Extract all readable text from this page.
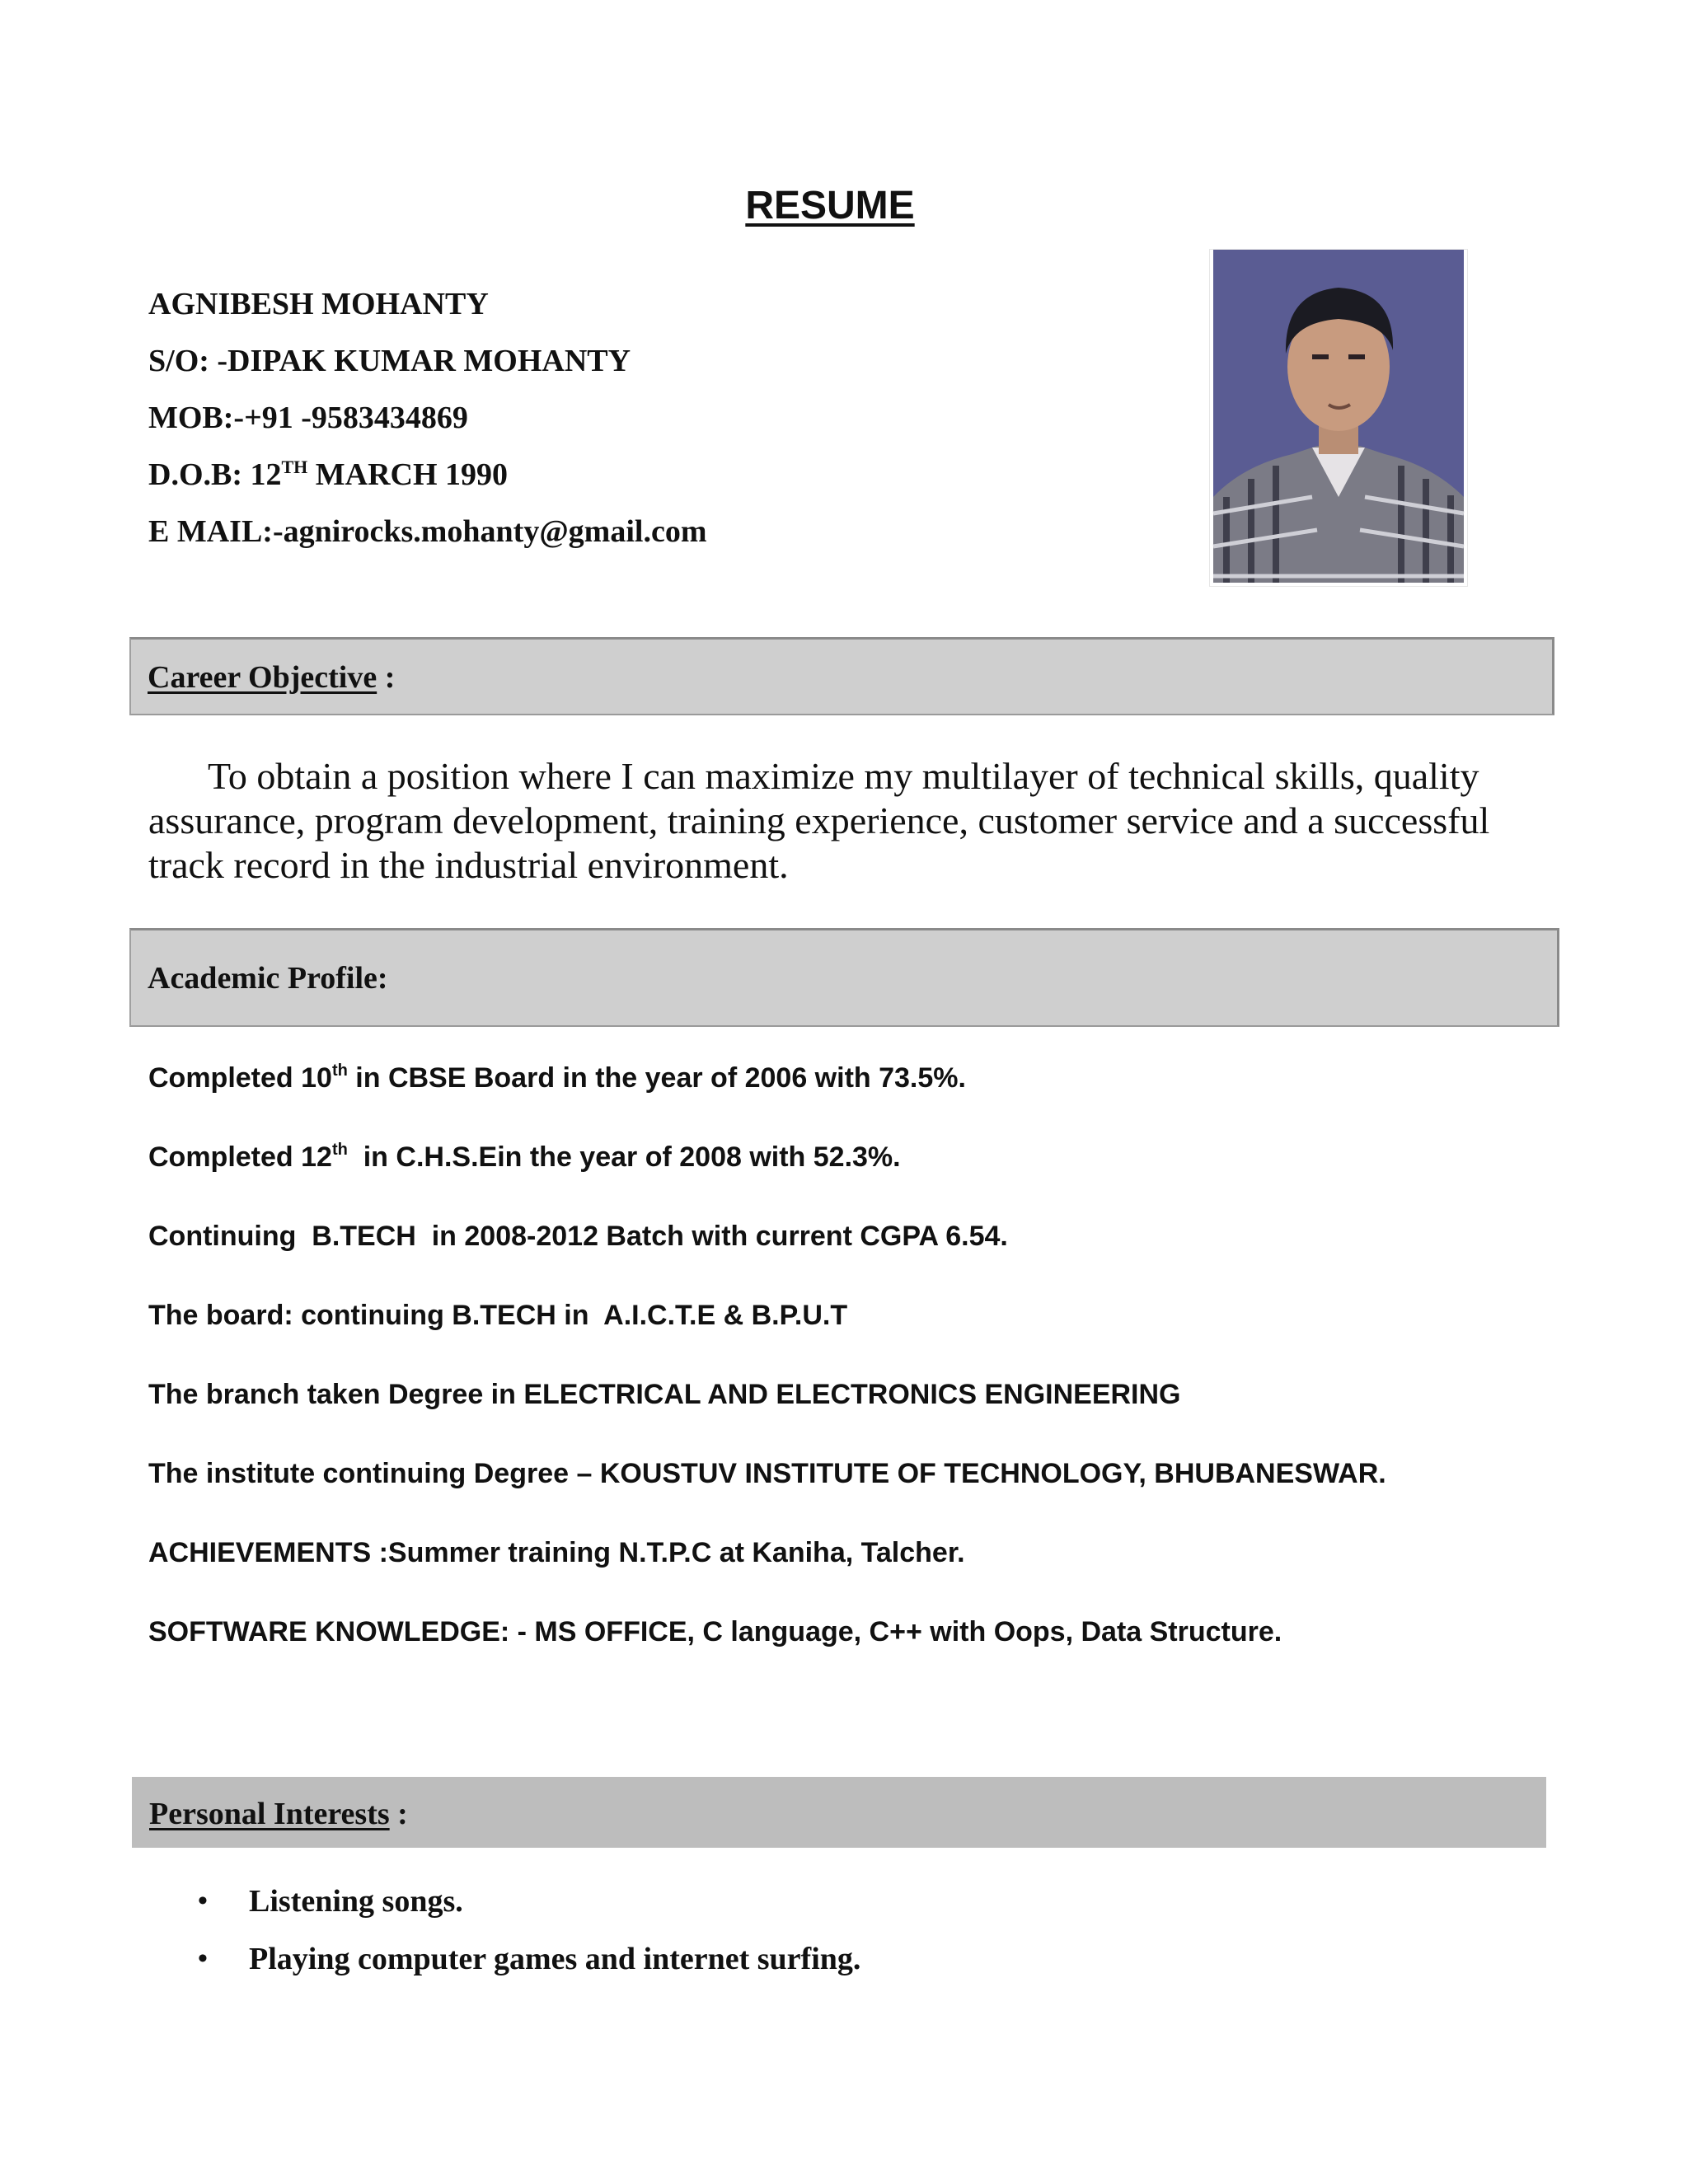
RESUME
AGNIBESH MOHANTY
S/O: -DIPAK KUMAR MOHANTY
MOB:-+91 -9583434869
D.O.B: 12TH MARCH 1990
E MAIL:-agnirocks.mohanty@gmail.com
Career Objective :
To obtain a position where I can maximize my multilayer of technical skills, quality assurance, program development, training experience, customer service and a successful track record in the industrial environment.
Academic Profile:
Completed 10th in CBSE Board in the year of 2006 with 73.5%.
Completed 12th  in C.H.S.Ein the year of 2008 with 52.3%.
Continuing  B.TECH  in 2008-2012 Batch with current CGPA 6.54.
The board: continuing B.TECH in  A.I.C.T.E & B.P.U.T
The branch taken Degree in ELECTRICAL AND ELECTRONICS ENGINEERING
The institute continuing Degree – KOUSTUV INSTITUTE OF TECHNOLOGY, BHUBANESWAR.
ACHIEVEMENTS :Summer training N.T.P.C at Kaniha, Talcher.
SOFTWARE KNOWLEDGE: - MS OFFICE, C language, C++ with Oops, Data Structure.
Personal Interests :
• Listening songs.
• Playing computer games and internet surfing.
